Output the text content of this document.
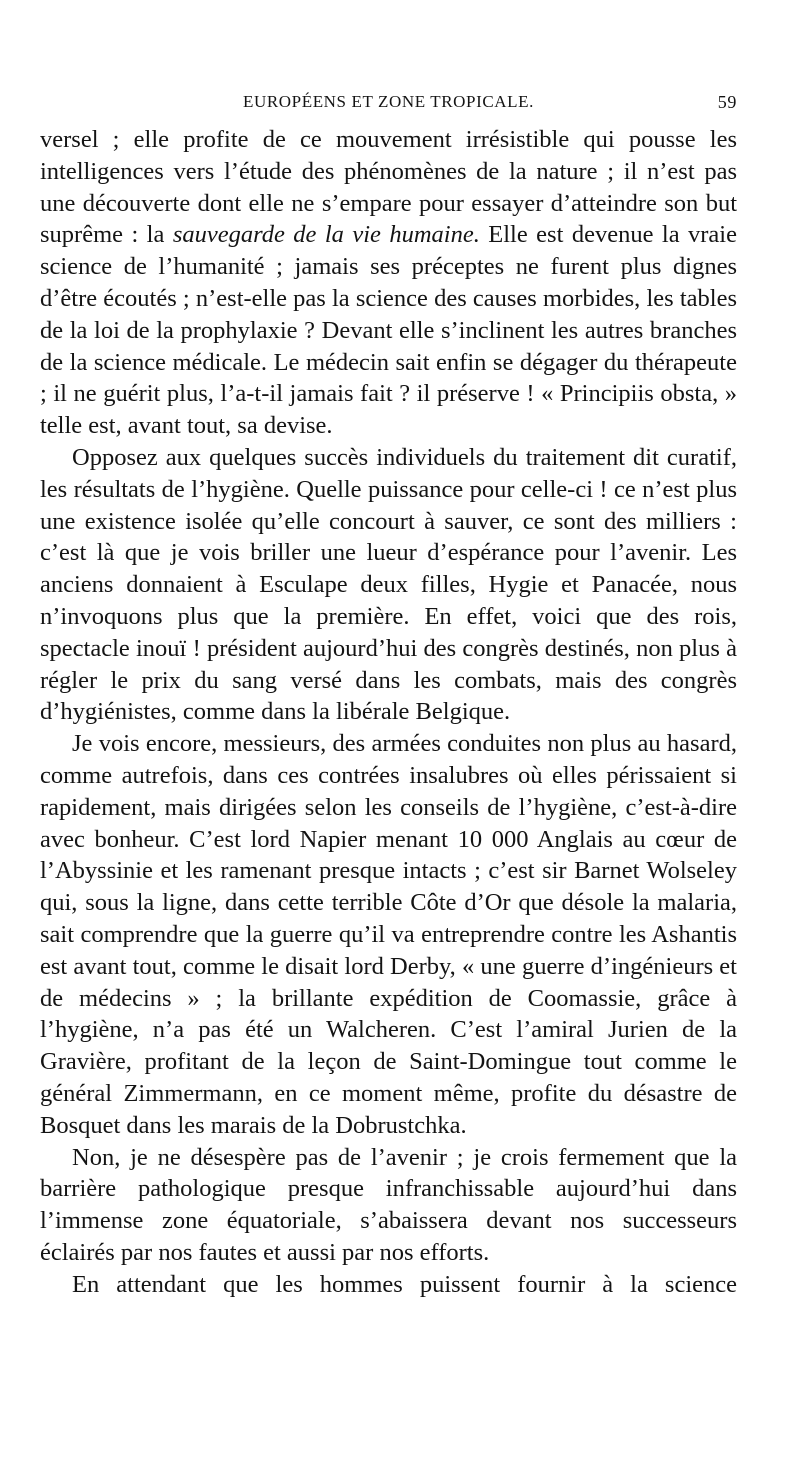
EUROPÉENS ET ZONE TROPICALE.	59

versel ; elle profite de ce mouvement irrésistible qui pousse les intelligences vers l’étude des phénomènes de la nature ; il n’est pas une découverte dont elle ne s’empare pour essayer d’atteindre son but suprême : la sauvegarde de la vie humaine. Elle est devenue la vraie science de l’humanité ; jamais ses préceptes ne furent plus dignes d’être écoutés ; n’est-elle pas la science des causes morbides, les tables de la loi de la prophylaxie ? Devant elle s’inclinent les autres branches de la science médicale. Le médecin sait enfin se dégager du thérapeute ; il ne guérit plus, l’a-t-il jamais fait ? il préserve ! « Principiis obsta, » telle est, avant tout, sa devise.

Opposez aux quelques succès individuels du traitement dit curatif, les résultats de l’hygiène. Quelle puissance pour celle-ci ! ce n’est plus une existence isolée qu’elle concourt à sauver, ce sont des milliers : c’est là que je vois briller une lueur d’espérance pour l’avenir. Les anciens donnaient à Esculape deux filles, Hygie et Panacée, nous n’invoquons plus que la première. En effet, voici que des rois, spectacle inouï ! président aujourd’hui des congrès destinés, non plus à régler le prix du sang versé dans les combats, mais des congrès d’hygiénistes, comme dans la libérale Belgique.

Je vois encore, messieurs, des armées conduites non plus au hasard, comme autrefois, dans ces contrées insalubres où elles périssaient si rapidement, mais dirigées selon les conseils de l’hygiène, c’est-à-dire avec bonheur. C’est lord Napier menant 10 000 Anglais au cœur de l’Abyssinie et les ramenant presque intacts ; c’est sir Barnet Wolseley qui, sous la ligne, dans cette terrible Côte d’Or que désole la malaria, sait comprendre que la guerre qu’il va entreprendre contre les Ashantis est avant tout, comme le disait lord Derby, « une guerre d’ingénieurs et de médecins » ; la brillante expédition de Coomassie, grâce à l’hygiène, n’a pas été un Walcheren. C’est l’amiral Jurien de la Gravière, profitant de la leçon de Saint-Domingue tout comme le général Zimmermann, en ce moment même, profite du désastre de Bosquet dans les marais de la Dobrustchka.

Non, je ne désespère pas de l’avenir ; je crois fermement que la barrière pathologique presque infranchissable aujourd’hui dans l’immense zone équatoriale, s’abaissera devant nos successeurs éclairés par nos fautes et aussi par nos efforts.

En attendant que les hommes puissent fournir à la science
